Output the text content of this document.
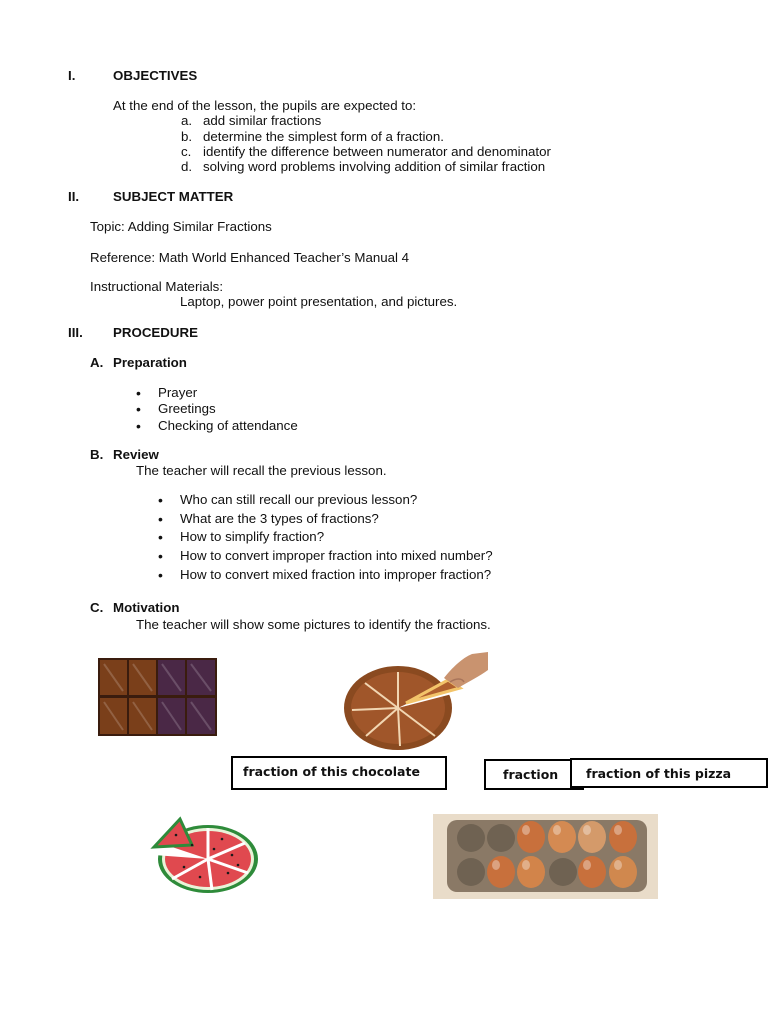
I.	OBJECTIVES
At the end of the lesson, the pupils are expected to:
a. add similar fractions
b. determine the simplest form of a fraction.
c. identify the difference between numerator and denominator
d. solving word problems involving addition of similar fraction
II.	SUBJECT MATTER
Topic: Adding Similar Fractions
Reference: Math World Enhanced Teacher’s Manual 4
Instructional Materials:
Laptop, power point presentation, and pictures.
III. PROCEDURE
A. Preparation
• Prayer
• Greetings
• Checking of attendance
B. Review
The teacher will recall the previous lesson.
• Who can still recall our previous lesson?
• What are the 3 types of fractions?
• How to simplify fraction?
• How to convert improper fraction into mixed number?
• How to convert mixed fraction into improper fraction?
C. Motivation
The teacher will show some pictures to identify the fractions.
fraction of this chocolate	fraction fraction of this pizza
